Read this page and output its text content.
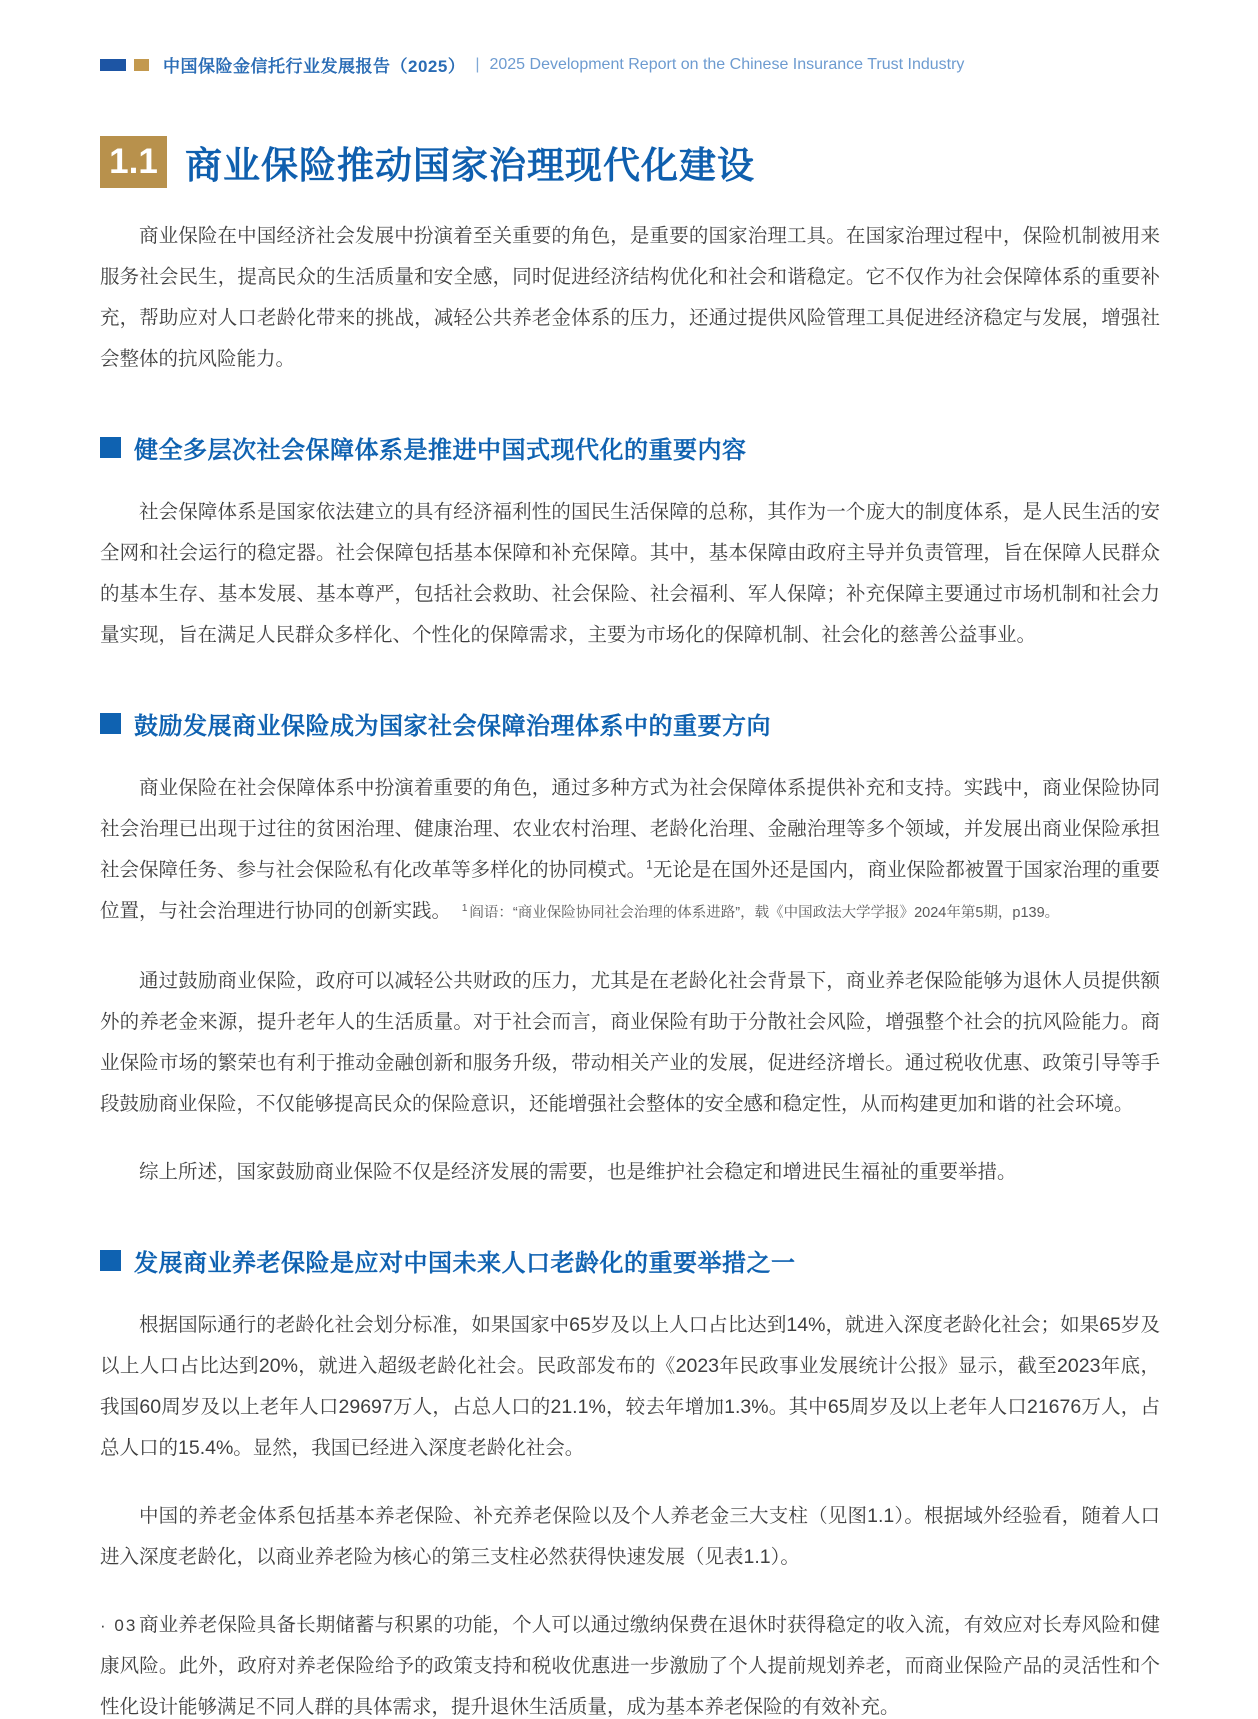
中国保险金信托行业发展报告（2025） | 2025 Development Report on the Chinese Insurance Trust Industry
1.1 商业保险推动国家治理现代化建设

商业保险在中国经济社会发展中扮演着至关重要的角色，是重要的国家治理工具。在国家治理过程中，保险机制被用来服务社会民生，提高民众的生活质量和安全感，同时促进经济结构优化和社会和谐稳定。它不仅作为社会保障体系的重要补充，帮助应对人口老龄化带来的挑战，减轻公共养老金体系的压力，还通过提供风险管理工具促进经济稳定与发展，增强社会整体的抗风险能力。

健全多层次社会保障体系是推进中国式现代化的重要内容

社会保障体系是国家依法建立的具有经济福利性的国民生活保障的总称，其作为一个庞大的制度体系，是人民生活的安全网和社会运行的稳定器。社会保障包括基本保障和补充保障。其中，基本保障由政府主导并负责管理，旨在保障人民群众的基本生存、基本发展、基本尊严，包括社会救助、社会保险、社会福利、军人保障；补充保障主要通过市场机制和社会力量实现，旨在满足人民群众多样化、个性化的保障需求，主要为市场化的保障机制、社会化的慈善公益事业。

鼓励发展商业保险成为国家社会保障治理体系中的重要方向

商业保险在社会保障体系中扮演着重要的角色，通过多种方式为社会保障体系提供补充和支持。实践中，商业保险协同社会治理已出现于过往的贫困治理、健康治理、农业农村治理、老龄化治理、金融治理等多个领域，并发展出商业保险承担社会保障任务、参与社会保险私有化改革等多样化的协同模式。$^1$无论是在国外还是国内，商业保险都被置于国家治理的重要位置，与社会治理进行协同的创新实践。 $^1$ 阎语：“商业保险协同社会治理的体系进路”，载《中国政法大学学报》2024年第5期，p139。

通过鼓励商业保险，政府可以减轻公共财政的压力，尤其是在老龄化社会背景下，商业养老保险能够为退休人员提供额外的养老金来源，提升老年人的生活质量。对于社会而言，商业保险有助于分散社会风险，增强整个社会的抗风险能力。商业保险市场的繁荣也有利于推动金融创新和服务升级，带动相关产业的发展，促进经济增长。通过税收优惠、政策引导等手段鼓励商业保险，不仅能够提高民众的保险意识，还能增强社会整体的安全感和稳定性，从而构建更加和谐的社会环境。

综上所述，国家鼓励商业保险不仅是经济发展的需要，也是维护社会稳定和增进民生福祉的重要举措。

发展商业养老保险是应对中国未来人口老龄化的重要举措之一

根据国际通行的老龄化社会划分标准，如果国家中65岁及以上人口占比达到14%，就进入深度老龄化社会；如果65岁及以上人口占比达到20%，就进入超级老龄化社会。民政部发布的《2023年民政事业发展统计公报》显示，截至2023年底，我国60周岁及以上老年人口29697万人，占总人口的21.1%，较去年增加1.3%。其中65周岁及以上老年人口21676万人，占总人口的15.4%。显然，我国已经进入深度老龄化社会。

中国的养老金体系包括基本养老保险、补充养老保险以及个人养老金三大支柱（见图1.1）。根据域外经验看，随着人口进入深度老龄化，以商业养老险为核心的第三支柱必然获得快速发展（见表1.1）。

商业养老保险具备长期储蓄与积累的功能，个人可以通过缴纳保费在退休时获得稳定的收入流，有效应对长寿风险和健康风险。此外，政府对养老保险给予的政策支持和税收优惠进一步激励了个人提前规划养老，而商业保险产品的灵活性和个性化设计能够满足不同人群的具体需求，提升退休生活质量，成为基本养老保险的有效补充。

· 03 ·
